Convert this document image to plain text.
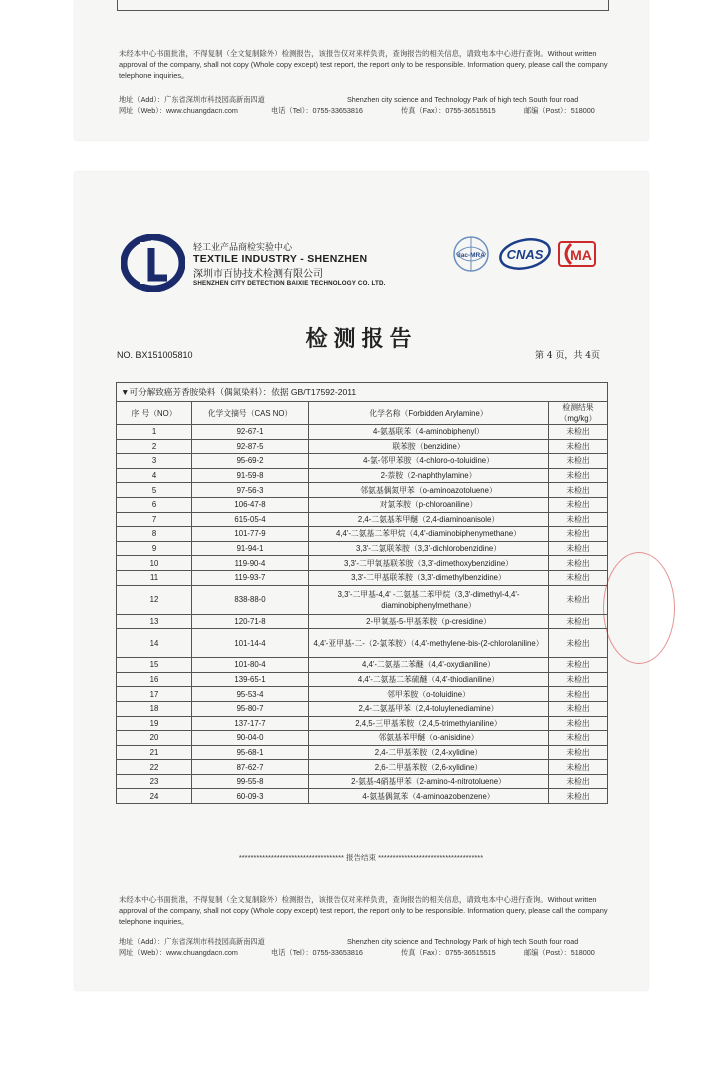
未经本中心书面批准，不得复制（全文复制除外）检测报告，该报告仅对来样负责，查询报告的相关信息，请致电本中心进行查询。Without written approval of the company, shall not copy (Whole copy except) test report, the report only to be responsible. Information query, please call the company telephone inquiries。
地址（Add）：广东省深圳市科技园高新南四道	Shenzhen city science and Technology Park of high tech South four road
网址（Web）：www.chuangdacn.com	电话（Tel）：0755-33653816	传真（Fax）：0755-36515515	邮编（Post）：518000
轻工业产品商检实验中心
TEXTILE INDUSTRY - SHENZHEN
深圳市百协技术检测有限公司
SHENZHEN CITY DETECTION BAIXIE TECHNOLOGY CO. LTD.
ilac-MRA CNAS MA
检测报告
NO. BX151005810	第 4 页，共 4页
▼可分解致癌芳香胺染料（偶氮染料）：依据 GB/T17592-2011			
序 号（NO）	化学文摘号（CAS NO）	化学名称（Forbidden Arylamine）	检测结果（mg/kg）
1	92-67-1	4-氨基联苯（4-aminobiphenyl）	未检出
2	92-87-5	联苯胺（benzidine）	未检出
3	95-69-2	4-氯-邻甲苯胺（4-chloro-o-toluidine）	未检出
4	91-59-8	2-萘胺（2-naphthylamine）	未检出
5	97-56-3	邻氨基偶氮甲苯（o-aminoazotoluene）	未检出
6	106-47-8	对氯苯胺（p-chloroaniline）	未检出
7	615-05-4	2,4-二氨基苯甲醚（2,4-diaminoanisole）	未检出
8	101-77-9	4,4'-二氨基二苯甲烷（4,4'-diaminobiphenymethane）	未检出
9	91-94-1	3,3'-二氯联苯胺（3,3'-dichlorobenzidine）	未检出
10	119-90-4	3,3'-二甲氧基联苯胺（3,3'-dimethoxybenzidine）	未检出
11	119-93-7	3,3'-二甲基联苯胺（3,3'-dimethylbenzidine）	未检出
12	838-88-0	3,3'-二甲基-4,4' -二氨基二苯甲烷（3,3'-dimethyl-4,4'-diaminobiphenylmethane）	未检出
13	120-71-8	2-甲氧基-5-甲基苯胺（p-cresidine）	未检出
14	101-14-4	4,4'-亚甲基-二-（2-氯苯胺）（4,4'-methylene-bis-(2-chlorolaniline）	未检出
15	101-80-4	4,4'-二氨基二苯醚（4,4'-oxydianiline）	未检出
16	139-65-1	4,4'-二氨基二苯硫醚（4,4'-thiodianiline）	未检出
17	95-53-4	邻甲苯胺（o-toluidine）	未检出
18	95-80-7	2,4-二氨基甲苯（2,4-toluylenediamine）	未检出
19	137-17-7	2,4,5-三甲基苯胺（2,4,5-trimethyianiline）	未检出
20	90-04-0	邻氨基苯甲醚（o-anisidine）	未检出
21	95-68-1	2,4-二甲基苯胺（2,4-xylidine）	未检出
22	87-62-7	2,6-二甲基苯胺（2,6-xylidine）	未检出
23	99-55-8	2-氨基-4硝基甲苯（2-amino-4-nitrotoluene）	未检出
24	60-09-3	4-氨基偶氮苯（4-aminoazobenzene）	未检出
************************************ 报告结束 ************************************
未经本中心书面批准，不得复制（全文复制除外）检测报告，该报告仅对来样负责，查询报告的相关信息，请致电本中心进行查询。Without written approval of the company, shall not copy (Whole copy except) test report, the report only to be responsible. Information query, please call the company telephone inquiries。
地址（Add）：广东省深圳市科技园高新南四道	Shenzhen city science and Technology Park of high tech South four road
网址（Web）：www.chuangdacn.com	电话（Tel）：0755-33653816	传真（Fax）：0755-36515515	邮编（Post）：518000
